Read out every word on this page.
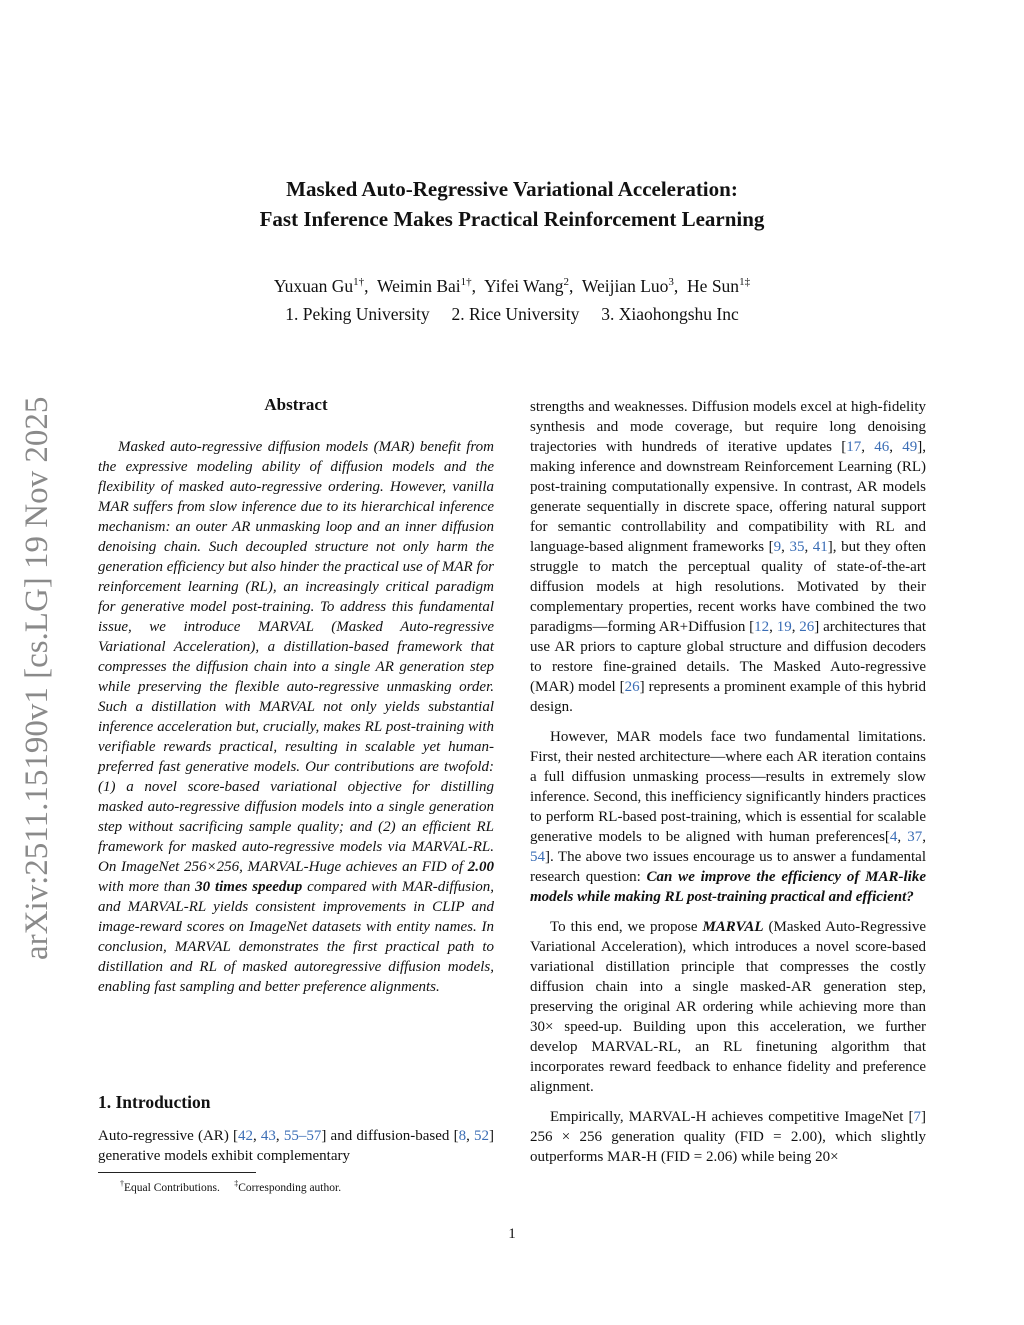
arXiv:2511.15190v1 [cs.LG] 19 Nov 2025
Masked Auto-Regressive Variational Acceleration:
Fast Inference Makes Practical Reinforcement Learning
Yuxuan $Gu^{1\dagger}$,  Weimin Bai$^{1\dagger}$,  Yifei Wang$^2$,  Weijian Luo$^3$,  He Sun$^{1\ddagger}$
1. Peking University     2. Rice University     3. Xiaohongshu Inc
Abstract

Masked auto-regressive diffusion models (MAR) benefit from the expressive modeling ability of diffusion models and the flexibility of masked auto-regressive ordering. However, vanilla MAR suffers from slow inference due to its hierarchical inference mechanism: an outer AR unmasking loop and an inner diffusion denoising chain. Such decoupled structure not only harm the generation efficiency but also hinder the practical use of MAR for reinforcement learning (RL), an increasingly critical paradigm for generative model post-training. To address this fundamental issue, we introduce MARVAL (Masked Auto-regressive Variational Acceleration), a distillation-based framework that compresses the diffusion chain into a single AR generation step while preserving the flexible auto-regressive unmasking order. Such a distillation with MARVAL not only yields substantial inference acceleration but, crucially, makes RL post-training with verifiable rewards practical, resulting in scalable yet human-preferred fast generative models. Our contributions are twofold: (1) a novel score-based variational objective for distilling masked auto-regressive diffusion models into a single generation step without sacrificing sample quality; and (2) an efficient RL framework for masked auto-regressive models via MARVAL-RL. On ImageNet 256×256, MARVAL-Huge achieves an FID of 2.00 with more than 30 times speedup compared with MAR-diffusion, and MARVAL-RL yields consistent improvements in CLIP and image-reward scores on ImageNet datasets with entity names. In conclusion, MARVAL demonstrates the first practical path to distillation and RL of masked autoregressive diffusion models, enabling fast sampling and better preference alignments.

1. Introduction

Auto-regressive (AR) [42, 43, 55–57] and diffusion-based [8, 52] generative models exhibit complementary

†Equal Contributions. ‡Corresponding author.

strengths and weaknesses. Diffusion models excel at high-fidelity synthesis and mode coverage, but require long denoising trajectories with hundreds of iterative updates [17, 46, 49], making inference and downstream Reinforcement Learning (RL) post-training computationally expensive. In contrast, AR models generate sequentially in discrete space, offering natural support for semantic controllability and compatibility with RL and language-based alignment frameworks [9, 35, 41], but they often struggle to match the perceptual quality of state-of-the-art diffusion models at high resolutions. Motivated by their complementary properties, recent works have combined the two paradigms—forming AR+Diffusion [12, 19, 26] architectures that use AR priors to capture global structure and diffusion decoders to restore fine-grained details. The Masked Auto-regressive (MAR) model [26] represents a prominent example of this hybrid design.

However, MAR models face two fundamental limitations. First, their nested architecture—where each AR iteration contains a full diffusion unmasking process—results in extremely slow inference. Second, this inefficiency significantly hinders practices to perform RL-based post-training, which is essential for scalable generative models to be aligned with human preferences[4, 37, 54]. The above two issues encourage us to answer a fundamental research question: Can we improve the efficiency of MAR-like models while making RL post-training practical and efficient?

To this end, we propose MARVAL (Masked Auto-Regressive Variational Acceleration), which introduces a novel score-based variational distillation principle that compresses the costly diffusion chain into a single masked-AR generation step, preserving the original AR ordering while achieving more than 30× speed-up. Building upon this acceleration, we further develop MARVAL-RL, an RL finetuning algorithm that incorporates reward feedback to enhance fidelity and preference alignment.

Empirically, MARVAL-H achieves competitive ImageNet [7] 256 × 256 generation quality (FID = 2.00), which slightly outperforms MAR-H (FID = 2.06) while being 20×

1
